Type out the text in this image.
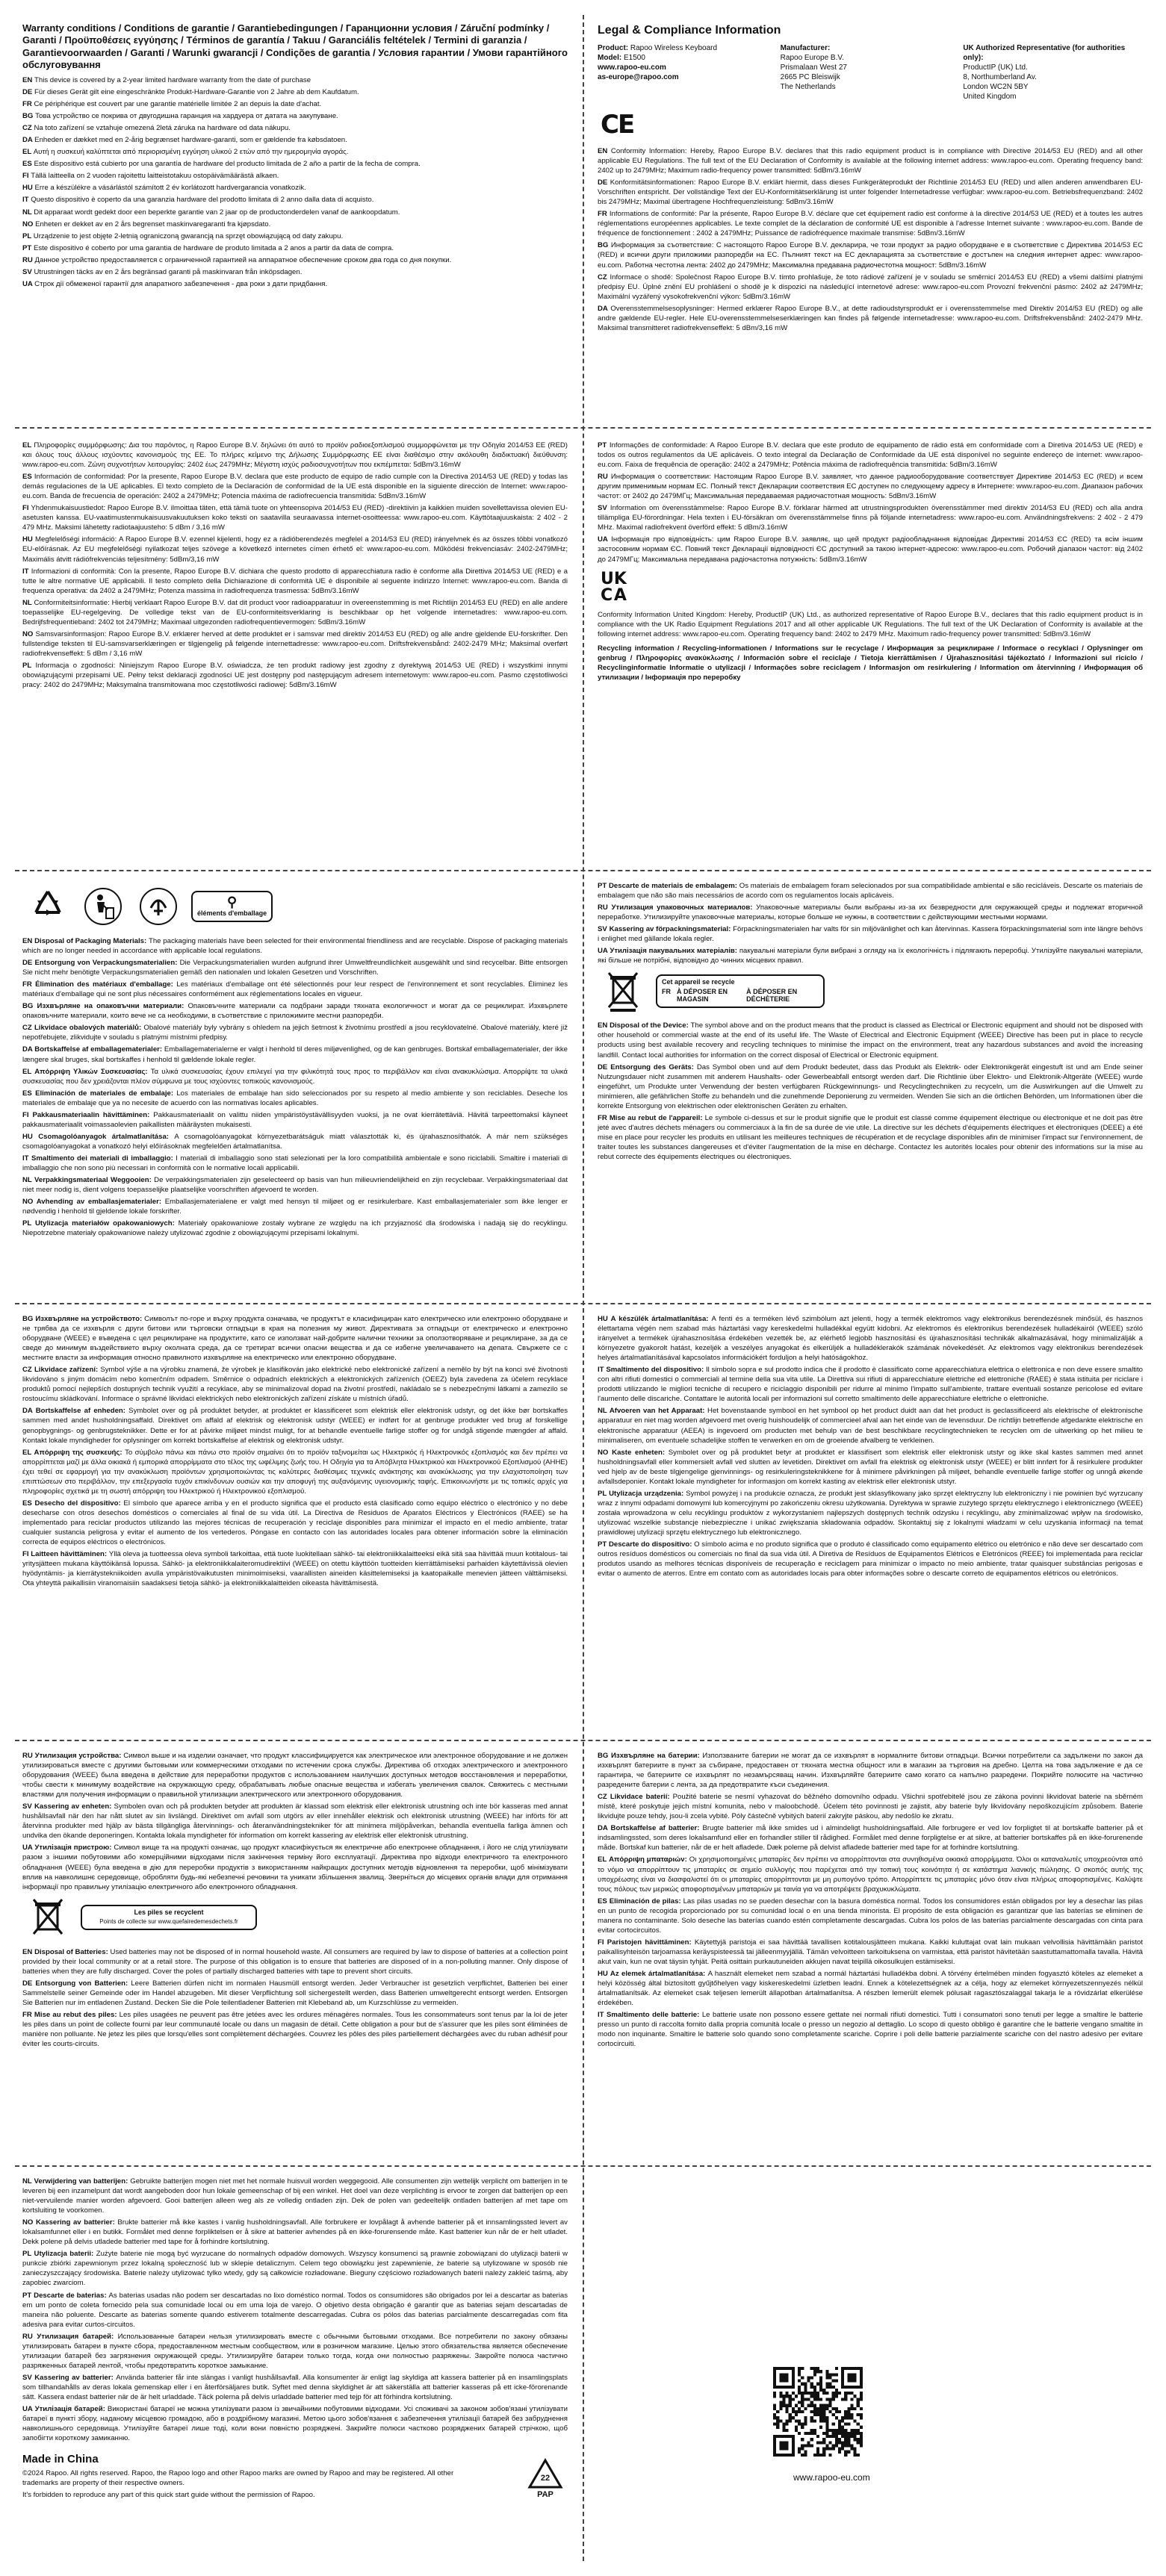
Warranty conditions / Conditions de garantie / Garantiebedingungen / Гаранционни условия / Záruční podmínky / Garanti / Προϋποθέσεις εγγύησης / Términos de garantía / Takuu / Garanciális feltételek / Termini di garanzia / Garantievoorwaarden / Garanti / Warunki gwarancji / Condições de garantia / Условия гарантии / Умови гарантійного обслуговування

EN This device is covered by a 2-year limited hardware warranty from the date of purchase

DE Für dieses Gerät gilt eine eingeschränkte Produkt-Hardware-Garantie von 2 Jahre ab dem Kaufdatum.

FR Ce périphérique est couvert par une garantie matérielle limitée 2 an depuis la date d'achat.

BG Това устройство се покрива от двугодишна гаранция на хардуера от датата на закупуване.

CZ Na toto zařízení se vztahuje omezená 2letá záruka na hardware od data nákupu.

DA Enheden er dækket med en 2-årig begrænset hardware-garanti, som er gældende fra købsdatoen.

EL Αυτή η συσκευή καλύπτεται από περιορισμένη εγγύηση υλικού 2 ετών από την ημερομηνία αγοράς.

ES Este dispositivo está cubierto por una garantía de hardware del producto limitada de 2 año a partir de la fecha de compra.

FI Tällä laitteella on 2 vuoden rajoitettu laitteistotakuu ostopäivämäärästä alkaen.

HU Erre a készülékre a vásárlástól számított 2 év korlátozott hardvergarancia vonatkozik.

IT Questo dispositivo è coperto da una garanzia hardware del prodotto limitata di 2 anno dalla data di acquisto.

NL Dit apparaat wordt gedekt door een beperkte garantie van 2 jaar op de productonderdelen vanaf de aankoopdatum.

NO Enheten er dekket av en 2 års begrenset maskinvaregaranti fra kjøpsdato.

PL Urządzenie to jest objęte 2-letnią ograniczoną gwarancją na sprzęt obowiązującą od daty zakupu.

PT Este dispositivo é coberto por uma garantia de hardware de produto limitada a 2 anos a partir da data de compra.

RU Данное устройство предоставляется с ограниченной гарантией на аппаратное обеспечение сроком два года со дня покупки.

SV Utrustningen täcks av en 2 års begränsad garanti på maskinvaran från inköpsdagen.

UA Строк дії обмеженої гарантії для апаратного забезпечення - два роки з дати придбання.

Legal & Compliance Information
Product: Rapoo Wireless Keyboard
Model: E1500
www.rapoo-eu.com
as-europe@rapoo.com
Manufacturer:
Rapoo Europe B.V.
Prismalaan West 27
2665 PC Bleiswijk
The Netherlands
UK Authorized Representative (for authorities only):
ProductIP (UK) Ltd.
8, Northumberland Av.
London WC2N 5BY
United Kingdom
CE

EN Conformity Information: Hereby, Rapoo Europe B.V. declares that this radio equipment product is in compliance with Directive 2014/53 EU (RED) and all other applicable EU Regulations. The full text of the EU Declaration of Conformity is available at the following internet address: www.rapoo-eu.com. Operating frequency band: 2402 up to 2479MHz; Maximum radio-frequency power transmitted: 5dBm/3.16mW

DE Konformitätsinformationen: Rapoo Europe B.V. erklärt hiermit, dass dieses Funkgeräteprodukt der Richtlinie 2014/53 EU (RED) und allen anderen anwendbaren EU-Vorschriften entspricht. Der vollständige Text der EU-Konformitätserklärung ist unter folgender Internetadresse verfügbar: www.rapoo-eu.com. Betriebsfrequenzband: 2402 bis 2479MHz; Maximal übertragene Hochfrequenzleistung: 5dBm/3.16mW

FR Informations de conformité: Par la présente, Rapoo Europe B.V. déclare que cet équipement radio est conforme à la directive 2014/53 UE (RED) et à toutes les autres réglementations européennes applicables. Le texte complet de la déclaration de conformité UE est disponible à l'adresse Internet suivante : www.rapoo-eu.com. Bande de fréquence de fonctionnement : 2402 à 2479MHz; Puissance de radiofréquence maximale transmise: 5dBm/3.16mW

BG Информация за съответствие: С настоящото Rapoo Europe B.V. декларира, че този продукт за радио оборудване е в съответствие с Директива 2014/53 ЕС (RED) и всички други приложими разпоредби на ЕС. Пълният текст на ЕС декларацията за съответствие е достъпен на следния интернет адрес: www.rapoo-eu.com. Работна честотна лента: 2402 до 2479MHz; Максимална предавана радиочестотна мощност: 5dBm/3.16mW

CZ Informace o shodě: Společnost Rapoo Europe B.V. tímto prohlašuje, že toto rádiové zařízení je v souladu se směrnicí 2014/53 EU (RED) a všemi dalšími platnými předpisy EU. Úplné znění EU prohlášení o shodě je k dispozici na následující internetové adrese: www.rapoo-eu.com Provozní frekvenční pásmo: 2402 až 2479MHz; Maximální vyzářený vysokofrekvenční výkon: 5dBm/3.16mW

DA Overensstemmelsesoplysninger: Hermed erklærer Rapoo Europe B.V., at dette radioudstyrsprodukt er i overensstemmelse med Direktiv 2014/53 EU (RED) og alle andre gældende EU-regler. Hele EU-overensstemmelseserklæringen kan findes på følgende internetadresse: www.rapoo-eu.com. Driftsfrekvensbånd: 2402-2479 MHz. Maksimal transmitteret radiofrekvenseffekt: 5 dBm/3,16 mW

EL Πληροφορίες συμμόρφωσης: Δια του παρόντος, η Rapoo Europe B.V. δηλώνει ότι αυτό το προϊόν ραδιοεξοπλισμού συμμορφώνεται με την Οδηγία 2014/53 ΕΕ (RED) και όλους τους άλλους ισχύοντες κανονισμούς της ΕΕ. Το πλήρες κείμενο της Δήλωσης Συμμόρφωσης ΕΕ είναι διαθέσιμο στην ακόλουθη διαδικτυακή διεύθυνση: www.rapoo-eu.com. Ζώνη συχνοτήτων λειτουργίας: 2402 έως 2479MHz; Μέγιστη ισχύς ραδιοσυχνοτήτων που εκπέμπεται: 5dBm/3.16mW

ES Información de conformidad: Por la presente, Rapoo Europe B.V. declara que este producto de equipo de radio cumple con la Directiva 2014/53 UE (RED) y todas las demás regulaciones de la UE aplicables. El texto completo de la Declaración de conformidad de la UE está disponible en la siguiente dirección de Internet: www.rapoo-eu.com. Banda de frecuencia de operación: 2402 a 2479MHz; Potencia máxima de radiofrecuencia transmitida: 5dBm/3.16mW

FI Yhdenmukaisuustiedot: Rapoo Europe B.V. ilmoittaa täten, että tämä tuote on yhteensopiva 2014/53 EU (RED) -direktiivin ja kaikkien muiden sovellettavissa olevien EU-asetusten kanssa. EU-vaatimustenmukaisuusvakuutuksen koko teksti on saatavilla seuraavassa internet-osoitteessa: www.rapoo-eu.com. Käyttötaajuuskaista: 2 402 - 2 479 MHz. Maksimi lähetetty radiotaajuusteho: 5 dBm / 3,16 mW

HU Megfelelőségi információ: A Rapoo Europe B.V. ezennel kijelenti, hogy ez a rádióberendezés megfelel a 2014/53 EU (RED) irányelvnek és az összes többi vonatkozó EU-előírásnak. Az EU megfelelőségi nyilatkozat teljes szövege a következő internetes címen érhető el: www.rapoo-eu.com. Működési frekvenciasáv: 2402-2479MHz; Maximális átvitt rádiófrekvenciás teljesítmény: 5dBm/3,16 mW

IT Informazioni di conformità: Con la presente, Rapoo Europe B.V. dichiara che questo prodotto di apparecchiatura radio è conforme alla Direttiva 2014/53 UE (RED) e a tutte le altre normative UE applicabili. Il testo completo della Dichiarazione di conformità UE è disponibile al seguente indirizzo Internet: www.rapoo-eu.com. Banda di frequenza operativa: da 2402 a 2479MHz; Potenza massima in radiofrequenza trasmessa: 5dBm/3.16mW

NL Conformiteitsinformatie: Hierbij verklaart Rapoo Europe B.V. dat dit product voor radioapparatuur in overeenstemming is met Richtlijn 2014/53 EU (RED) en alle andere toepasselijke EU-regelgeving. De volledige tekst van de EU-conformiteitsverklaring is beschikbaar op het volgende internetadres: www.rapoo-eu.com. Bedrijfsfrequentieband: 2402 tot 2479MHz; Maximaal uitgezonden radiofrequentievermogen: 5dBm/3.16mW

NO Samsvarsinformasjon: Rapoo Europe B.V. erklærer herved at dette produktet er i samsvar med direktiv 2014/53 EU (RED) og alle andre gjeldende EU-forskrifter. Den fullstendige teksten til EU-samsvarserklæringen er tilgjengelig på følgende internettadresse: www.rapoo-eu.com. Driftsfrekvensbånd: 2402-2479 MHz; Maksimal overført radiofrekvenseffekt: 5 dBm / 3,16 mW

PL Informacja o zgodności: Niniejszym Rapoo Europe B.V. oświadcza, że ten produkt radiowy jest zgodny z dyrektywą 2014/53 UE (RED) i wszystkimi innymi obowiązującymi przepisami UE. Pełny tekst deklaracji zgodności UE jest dostępny pod następującym adresem internetowym: www.rapoo-eu.com. Pasmo częstotliwości pracy: 2402 do 2479MHz; Maksymalna transmitowana moc częstotliwości radiowej: 5dBm/3.16mW

PT Informações de conformidade: A Rapoo Europe B.V. declara que este produto de equipamento de rádio está em conformidade com a Diretiva 2014/53 UE (RED) e todos os outros regulamentos da UE aplicáveis. O texto integral da Declaração de Conformidade da UE está disponível no seguinte endereço de internet: www.rapoo-eu.com. Faixa de frequência de operação: 2402 a 2479MHz; Potência máxima de radiofrequência transmitida: 5dBm/3.16mW

RU Информация о соответствии: Настоящим Rapoo Europe B.V. заявляет, что данное радиооборудование соответствует Директиве 2014/53 ЕС (RED) и всем другим применимым нормам ЕС. Полный текст Декларации соответствия ЕС доступен по следующему адресу в Интернете: www.rapoo-eu.com. Диапазон рабочих частот: от 2402 до 2479МГц; Максимальная передаваемая радиочастотная мощность: 5dBm/3.16mW

SV Information om överensstämmelse: Rapoo Europe B.V. förklarar härmed att utrustningsprodukten överensstämmer med direktiv 2014/53 EU (RED) och alla andra tillämpliga EU-förordningar. Hela texten i EU-försäkran om överensstämmelse finns på följande internetadress: www.rapoo-eu.com. Användningsfrekvens: 2 402 - 2 479 MHz. Maximal radiofrekvent överförd effekt: 5 dBm/3.16mW

UA Інформація про відповідність: цим Rapoo Europe B.V. заявляє, що цей продукт радіообладнання відповідає Директиві 2014/53 ЄС (RED) та всім іншим застосовним нормам ЄС. Повний текст Декларації відповідності ЄС доступний за такою інтернет-адресою: www.rapoo-eu.com. Робочий діапазон частот: від 2402 до 2479МГц; Максимальна передавана радіочастотна потужність: 5dBm/3.16mW

U K
C A

Conformity Information United Kingdom: Hereby, ProductIP (UK) Ltd., as authorized representative of Rapoo Europe B.V., declares that this radio equipment product is in compliance with the UK Radio Equipment Regulations 2017 and all other applicable UK Regulations. The full text of the UK Declaration of Conformity is available at the following internet address: www.rapoo-eu.com. Operating frequency band: 2402 to 2479 MHz. Maximum radio-frequency power transmitted: 5dBm/3.16mW

Recycling information / Recycling-informationen / Informations sur le recyclage / Информация за рециклиране / Informace o recyklaci / Oplysninger om genbrug / Πληροφορίες ανακύκλωσης / Información sobre el reciclaje / Tietoja kierrättämisen / Újrahasznosítási tájékoztató / Informazioni sul riciclo / Recyclinginformatie Informatie o utylizacji / Informações sobre reciclagem / Informasjon om resirkulering / Information om återvinning / Информация об утилизации / Інформація про переробку

⚲
éléments d'emballage

EN Disposal of Packaging Materials: The packaging materials have been selected for their environmental friendliness and are recyclable. Dispose of packaging materials which are no longer needed in accordance with applicable local regulations.

DE Entsorgung von Verpackungsmaterialien: Die Verpackungsmaterialien wurden aufgrund ihrer Umweltfreundlichkeit ausgewählt und sind recycelbar. Bitte entsorgen Sie nicht mehr benötigte Verpackungsmaterialien gemäß den nationalen und lokalen Gesetzen und Vorschriften.

FR Élimination des matériaux d'emballage: Les matériaux d'emballage ont été sélectionnés pour leur respect de l'environnement et sont recyclables. Éliminez les matériaux d'emballage qui ne sont plus nécessaires conformément aux réglementations locales en vigueur.

BG Изхвърляне на опаковъчни материали: Опаковъчните материали са подбрани заради тяхната екологичност и могат да се рециклират. Изхвърлете опаковъчните материали, които вече не са необходими, в съответствие с приложимите местни разпоредби.

CZ Likvidace obalových materiálů: Obalové materiály byly vybrány s ohledem na jejich šetrnost k životnímu prostředí a jsou recyklovatelné. Obalové materiály, které již nepotřebujete, zlikvidujte v souladu s platnými místními předpisy.

DA Bortskaffelse af emballagematerialer: Emballagematerialerne er valgt i henhold til deres miljøvenlighed, og de kan genbruges. Bortskaf emballagematerialer, der ikke længere skal bruges, skal bortskaffes i henhold til gældende lokale regler.

EL Απόρριψη Υλικών Συσκευασίας: Τα υλικά συσκευασίας έχουν επιλεγεί για την φιλικότητά τους προς το περιβάλλον και είναι ανακυκλώσιμα. Απορρίψτε τα υλικά συσκευασίας που δεν χρειάζονται πλέον σύμφωνα με τους ισχύοντες τοπικούς κανονισμούς.

ES Eliminación de materiales de embalaje: Los materiales de embalaje han sido seleccionados por su respeto al medio ambiente y son reciclables. Deseche los materiales de embalaje que ya no necesite de acuerdo con las normativas locales aplicables.

FI Pakkausmateriaalin hävittäminen: Pakkausmateriaalit on valittu niiden ympäristöystävällisyyden vuoksi, ja ne ovat kierrätettäviä. Hävitä tarpeettomaksi käyneet pakkausmateriaalit voimassaolevien paikallisten määräysten mukaisesti.

HU Csomagolóanyagok ártalmatlanítása: A csomagolóanyagokat környezetbarátságuk miatt választották ki, és újrahasznosíthatók. A már nem szükséges csomagolóanyagokat a vonatkozó helyi előírásoknak megfelelően ártalmatlanítsa.

IT Smaltimento dei materiali di imballaggio: I materiali di imballaggio sono stati selezionati per la loro compatibilità ambientale e sono riciclabili. Smaltire i materiali di imballaggio che non sono più necessari in conformità con le normative locali applicabili.

NL Verpakkingsmateriaal Weggooien: De verpakkingsmaterialen zijn geselecteerd op basis van hun milieuvriendelijkheid en zijn recyclebaar. Verpakkingsmateriaal dat niet meer nodig is, dient volgens toepasselijke plaatselijke voorschriften afgevoerd te worden.

NO Avhending av emballasjematerialer: Emballasjematerialene er valgt med hensyn til miljøet og er resirkulerbare. Kast emballasjematerialer som ikke lenger er nødvendig i henhold til gjeldende lokale forskrifter.

PL Utylizacja materiałów opakowaniowych: Materiały opakowaniowe zostały wybrane ze względu na ich przyjazność dla środowiska i nadają się do recyklingu. Niepotrzebne materiały opakowaniowe należy utylizować zgodnie z obowiązującymi przepisami lokalnymi.

PT Descarte de materiais de embalagem: Os materiais de embalagem foram selecionados por sua compatibilidade ambiental e são recicláveis. Descarte os materiais de embalagem que não são mais necessários de acordo com os regulamentos locais aplicáveis.

RU Утилизация упаковочных материалов: Упаковочные материалы были выбраны из-за их безвредности для окружающей среды и подлежат вторичной переработке. Утилизируйте упаковочные материалы, которые больше не нужны, в соответствии с действующими местными нормами.

SV Kassering av förpackningsmaterial: Förpackningsmaterialen har valts för sin miljövänlighet och kan återvinnas. Kassera förpackningsmaterial som inte längre behövs i enlighet med gällande lokala regler.

UA Утилізація пакувальних матеріалів: пакувальні матеріали були вибрані з огляду на їх екологічність і підлягають переробці. Утилізуйте пакувальні матеріали, які більше не потрібні, відповідно до чинних місцевих правил.

Cet appareil se recycle
FR À DÉPOSER EN MAGASIN
À DÉPOSER EN DÉCHÈTERIE

EN Disposal of the Device: The symbol above and on the product means that the product is classed as Electrical or Electronic equipment and should not be disposed with other household or commercial waste at the end of its useful life. The Waste of Electrical and Electronic Equipment (WEEE) Directive has been put in place to recycle products using best available recovery and recycling techniques to minimise the impact on the environment, treat any hazardous substances and avoid the increasing landfill. Contact local authorities for information on the correct disposal of Electrical or Electronic equipment.

DE Entsorgung des Geräts: Das Symbol oben und auf dem Produkt bedeutet, dass das Produkt als Elektrik- oder Elektronikgerät eingestuft ist und am Ende seiner Nutzungsdauer nicht zusammen mit anderem Haushalts- oder Gewerbeabfall entsorgt werden darf. Die Richtlinie über Elektro- und Elektronik-Altgeräte (WEEE) wurde eingeführt, um Produkte unter Verwendung der besten verfügbaren Rückgewinnungs- und Recyclingtechniken zu recyceln, um die Auswirkungen auf die Umwelt zu minimieren, alle gefährlichen Stoffe zu behandeln und die zunehmende Deponierung zu vermeiden. Wenden Sie sich an die örtlichen Behörden, um Informationen über die korrekte Entsorgung von elektrischen oder elektronischen Geräten zu erhalten.

FR Mise au rebut de l'appareil: Le symbole ci-dessus et sur le produit signifie que le produit est classé comme équipement électrique ou électronique et ne doit pas être jeté avec d'autres déchets ménagers ou commerciaux à la fin de sa durée de vie utile. La directive sur les déchets d'équipements électriques et électroniques (DEEE) a été mise en place pour recycler les produits en utilisant les meilleures techniques de récupération et de recyclage disponibles afin de minimiser l'impact sur l'environnement, de traiter toutes les substances dangereuses et d'éviter l'augmentation de la mise en décharge. Contactez les autorités locales pour obtenir des informations sur la mise au rebut correcte des équipements électriques ou électroniques.

BG Изхвърляне на устройството: Символът по-горе и върху продукта означава, че продуктът е класифициран като електрическо или електронно оборудване и не трябва да се изхвърля с други битови или търговски отпадъци в края на полезния му живот. Директивата за отпадъци от електрическо и електронно оборудване (WEEE) е въведена с цел рециклиране на продуктите, като се използват най-добрите налични техники за оползотворяване и рециклиране, за да се сведе до минимум въздействието върху околната среда, да се третират всички опасни вещества и да се избегне увеличаването на депата. Свържете се с местните власти за информация относно правилното изхвърляне на електрическо или електронно оборудване.

CZ Likvidace zařízení: Symbol výše a na výrobku znamená, že výrobek je klasifikován jako elektrické nebo elektronické zařízení a nemělo by být na konci své životnosti likvidováno s jiným domácím nebo komerčním odpadem. Směrnice o odpadních elektrických a elektronických zařízeních (OEEZ) byla zavedena za účelem recyklace produktů pomocí nejlepších dostupných technik využití a recyklace, aby se minimalizoval dopad na životní prostředí, nakládalo se s nebezpečnými látkami a zamezilo se rostoucímu skládkování. Informace o správné likvidaci elektrických nebo elektronických zařízení získáte u místních úřadů.

DA Bortskaffelse af enheden: Symbolet over og på produktet betyder, at produktet er klassificeret som elektrisk eller elektronisk udstyr, og det ikke bør bortskaffes sammen med andet husholdningsaffald. Direktivet om affald af elektrisk og elektronisk udstyr (WEEE) er indført for at genbruge produkter ved brug af forskellige genopbygnings- og genbrugsteknikker. Dette er for at påvirke miljøet mindst muligt, for at behandle eventuelle farlige stoffer og for undgå stigende mængder af affald. Kontakt lokale myndigheder for oplysninger om korrekt bortskaffelse af elektrisk og elektronisk udstyr.

EL Απόρριψη της συσκευής: Το σύμβολο πάνω και πάνω στο προϊόν σημαίνει ότι το προϊόν ταξινομείται ως Ηλεκτρικός ή Ηλεκτρονικός εξοπλισμός και δεν πρέπει να απορρίπτεται μαζί με άλλα οικιακά ή εμπορικά απορρίμματα στο τέλος της ωφέλιμης ζωής του. Η Οδηγία για τα Απόβλητα Ηλεκτρικού και Ηλεκτρονικού Εξοπλισμού (ΑΗΗΕ) έχει τεθεί σε εφαρμογή για την ανακύκλωση προϊόντων χρησιμοποιώντας τις καλύτερες διαθέσιμες τεχνικές ανάκτησης και ανακύκλωσης για την ελαχιστοποίηση των επιπτώσεων στο περιβάλλον, την επεξεργασία τυχόν επικίνδυνων ουσιών και την αποφυγή της αυξανόμενης υγειονομικής ταφής. Επικοινωνήστε με τις τοπικές αρχές για πληροφορίες σχετικά με τη σωστή απόρριψη του Ηλεκτρικού ή Ηλεκτρονικού εξοπλισμού.

ES Desecho del dispositivo: El símbolo que aparece arriba y en el producto significa que el producto está clasificado como equipo eléctrico o electrónico y no debe desecharse con otros desechos domésticos o comerciales al final de su vida útil. La Directiva de Residuos de Aparatos Eléctricos y Electrónicos (RAEE) se ha implementado para reciclar productos utilizando las mejores técnicas de recuperación y reciclaje disponibles para minimizar el impacto en el medio ambiente, tratar cualquier sustancia peligrosa y evitar el aumento de los vertederos. Póngase en contacto con las autoridades locales para obtener información sobre la eliminación correcta de equipos eléctricos o electrónicos.

FI Laitteen hävittäminen: Yllä oleva ja tuotteessa oleva symboli tarkoittaa, että tuote luokitellaan sähkö- tai elektroniikkalaitteeksi eikä sitä saa hävittää muun kotitalous- tai yritysjätteen mukana käyttöikänsä lopussa. Sähkö- ja elektroniikkalaiteromudirektiivi (WEEE) on otettu käyttöön tuotteiden kierrättämiseksi parhaiden käytettävissä olevien hyödyntämis- ja kierrätystekniikoiden avulla ympäristövaikutusten minimoimiseksi, vaarallisten aineiden käsittelemiseksi ja kaatopaikalle menevien jätteen välttämiseksi. Ota yhteyttä paikallisiin viranomaisiin saadaksesi tietoja sähkö- ja elektroniikkalaitteiden oikeasta hävittämisestä.

HU A készülék ártalmatlanítása: A fenti és a terméken lévő szimbólum azt jelenti, hogy a termék elektromos vagy elektronikus berendezésnek minősül, és hasznos élettartama végén nem szabad más háztartási vagy kereskedelmi hulladékkal együtt kidobni. Az elektromos és elektronikus berendezések hulladékairól (WEEE) szóló irányelvet a termékek újrahasznosítása érdekében vezették be, az elérhető legjobb hasznosítási és újrahasznosítási technikák alkalmazásával, hogy minimalizálják a környezetre gyakorolt hatást, kezeljék a veszélyes anyagokat és elkerüljék a hulladéklerakók számának növekedését. Az elektromos vagy elektronikus berendezések helyes ártalmatlanításával kapcsolatos információkért forduljon a helyi hatóságokhoz.

IT Smaltimento del dispositivo: Il simbolo sopra e sul prodotto indica che il prodotto è classificato come apparecchiatura elettrica o elettronica e non deve essere smaltito con altri rifiuti domestici o commerciali al termine della sua vita utile. La Direttiva sui rifiuti di apparecchiature elettriche ed elettroniche (RAEE) è stata istituita per riciclare i prodotti utilizzando le migliori tecniche di recupero e riciclaggio disponibili per ridurre al minimo l'impatto sull'ambiente, trattare eventuali sostanze pericolose ed evitare l'aumento delle discariche. Contattare le autorità locali per informazioni sul corretto smaltimento delle apparecchiature elettriche o elettroniche.

NL Afvoeren van het Apparaat: Het bovenstaande symbool en het symbool op het product duidt aan dat het product is geclassificeerd als elektrische of elektronische apparatuur en niet mag worden afgevoerd met overig huishoudelijk of commercieel afval aan het einde van de levensduur. De richtlijn betreffende afgedankte elektrische en elektronische apparatuur (AEEA) is ingevoerd om producten met behulp van de best beschikbare recyclingtechnieken te recyclen om de uitwerking op het milieu te minimaliseren, om eventuele schadelijke stoffen te verwerken en om de groeiende afvalberg te verkleinen.

NO Kaste enheten: Symbolet over og på produktet betyr at produktet er klassifisert som elektrisk eller elektronisk utstyr og ikke skal kastes sammen med annet husholdningsavfall eller kommersielt avfall ved slutten av levetiden. Direktivet om avfall fra elektrisk og elektronisk utstyr (WEEE) er blitt innført for å resirkulere produkter ved hjelp av de beste tilgjengelige gjenvinnings- og resirkuleringsteknikkene for å minimere påvirkningen på miljøet, behandle eventuelle farlige stoffer og unngå økende avfallsdeponier. Kontakt lokale myndigheter for informasjon om korrekt kasting av elektrisk eller elektronisk utstyr.

PL Utylizacja urządzenia: Symbol powyżej i na produkcie oznacza, że produkt jest sklasyfikowany jako sprzęt elektryczny lub elektroniczny i nie powinien być wyrzucany wraz z innymi odpadami domowymi lub komercyjnymi po zakończeniu okresu użytkowania. Dyrektywa w sprawie zużytego sprzętu elektrycznego i elektronicznego (WEEE) została wprowadzona w celu recyklingu produktów z wykorzystaniem najlepszych dostępnych technik odzysku i recyklingu, aby zminimalizować wpływ na środowisko, utylizować wszelkie substancje niebezpieczne i unikać zwiększania składowania odpadów. Skontaktuj się z lokalnymi władzami w celu uzyskania informacji na temat prawidłowej utylizacji sprzętu elektrycznego lub elektronicznego.

PT Descarte do dispositivo: O símbolo acima e no produto significa que o produto é classificado como equipamento elétrico ou eletrónico e não deve ser descartado com outros resíduos domésticos ou comerciais no final da sua vida útil. A Diretiva de Resíduos de Equipamentos Elétricos e Eletrónicos (REEE) foi implementada para reciclar produtos usando as melhores técnicas disponíveis de recuperação e reciclagem para minimizar o impacto no meio ambiente, tratar quaisquer substâncias perigosas e evitar o aumento de aterros. Entre em contato com as autoridades locais para obter informações sobre o descarte correto de equipamentos elétricos ou eletrónicos.

RU Утилизация устройства: Символ выше и на изделии означает, что продукт классифицируется как электрическое или электронное оборудование и не должен утилизироваться вместе с другими бытовыми или коммерческими отходами по истечении срока службы. Директива об отходах электрического и электронного оборудования (WEEE) была введена в действие для переработки продуктов с использованием наилучших доступных методов восстановления и переработки, чтобы свести к минимуму воздействие на окружающую среду, обрабатывать любые опасные вещества и избегать увеличения свалок. Свяжитесь с местными властями для получения информации о правильной утилизации электрического или электронного оборудования.

SV Kassering av enheten: Symbolen ovan och på produkten betyder att produkten är klassad som elektrisk eller elektronisk utrustning och inte bör kasseras med annat hushållsavfall när den har nått slutet av sin livslängd. Direktivet om avfall som utgörs av eller innehåller elektrisk och elektronisk utrustning (WEEE) har införts för att återvinna produkter med hjälp av bästa tillgängliga återvinnings- och återanvändningstekniker för att minimera miljöpåverkan, behandla eventuella farliga ämnen och undvika den ökande deponeringen. Kontakta lokala myndigheter för information om korrekt kassering av elektrisk eller elektronisk utrustning.

UA Утилізація пристрою: Символ вище та на продукті означає, що продукт класифікується як електричне або електронне обладнання, і його не слід утилізувати разом з іншими побутовими або комерційними відходами після закінчення терміну його експлуатації. Директива про відходи електричного та електронного обладнання (WEEE) була введена в дію для переробки продуктів з використанням найкращих доступних методів відновлення та переробки, щоб мінімізувати вплив на навколишнє середовище, обробляти будь-які небезпечні речовини та уникати збільшення звалищ. Зверніться до місцевих органів влади для отримання інформації про правильну утилізацію електричного або електронного обладнання.

Les piles se recyclent
Points de collecte sur www.quefairedemesdechets.fr

EN Disposal of Batteries: Used batteries may not be disposed of in normal household waste. All consumers are required by law to dispose of batteries at a collection point provided by their local community or at a retail store. The purpose of this obligation is to ensure that batteries are disposed of in a non-polluting manner. Only dispose of batteries when they are fully discharged. Cover the poles of partially discharged batteries with tape to prevent short circuits.

DE Entsorgung von Batterien: Leere Batterien dürfen nicht im normalen Hausmüll entsorgt werden. Jeder Verbraucher ist gesetzlich verpflichtet, Batterien bei einer Sammelstelle seiner Gemeinde oder im Handel abzugeben. Mit dieser Verpflichtung soll sichergestellt werden, dass Batterien umweltgerecht entsorgt werden. Entsorgen Sie Batterien nur im entladenen Zustand. Decken Sie die Pole teilentladener Batterien mit Klebeband ab, um Kurzschlüsse zu vermeiden.

FR Mise au rebut des piles: Les piles usagées ne peuvent pas être jetées avec les ordures ménagères normales. Tous les consommateurs sont tenus par la loi de jeter les piles dans un point de collecte fourni par leur communauté locale ou dans un magasin de détail. Cette obligation a pour but de s'assurer que les piles sont éliminées de manière non polluante. Ne jetez les piles que lorsqu'elles sont complètement déchargées. Couvrez les pôles des piles partiellement déchargées avec du ruban adhésif pour éviter les courts-circuits.

BG Изхвърляне на батерии: Използваните батерии не могат да се изхвърлят в нормалните битови отпадъци. Всички потребители са задължени по закон да изхвърлят батериите в пункт за събиране, предоставен от тяхната местна общност или в магазин за търговия на дребно. Целта на това задължение е да се гарантира, че батериите се изхвърлят по незамърсяващ начин. Изхвърляйте батериите само когато са напълно разредени. Покрийте полюсите на частично разредените батерии с лента, за да предотвратите къси съединения.

CZ Likvidace baterií: Použité baterie se nesmí vyhazovat do běžného domovního odpadu. Všichni spotřebitelé jsou ze zákona povinni likvidovat baterie na sběrném místě, které poskytuje jejich místní komunita, nebo v maloobchodě. Účelem této povinnosti je zajistit, aby baterie byly likvidovány nepoškozujícím způsobem. Baterie likvidujte pouze tehdy, jsou-li zcela vybité. Póly částečně vybitých baterií zakryjte páskou, aby nedošlo ke zkratu.

DA Bortskaffelse af batterier: Brugte batterier må ikke smides ud i almindeligt husholdningsaffald. Alle forbrugere er ved lov forpligtet til at bortskaffe batterier på et indsamlingssted, som deres lokalsamfund eller en forhandler stiller til rådighed. Formålet med denne forpligtelse er at sikre, at batterier bortskaffes på en ikke-forurenende måde. Bortskaf kun batterier, når de er helt afladede. Dæk polerne på delvist afladede batterier med tape for at forhindre kortslutning.

EL Απόρριψη μπαταριών: Οι χρησιμοποιημένες μπαταρίες δεν πρέπει να απορρίπτονται στα συνηθισμένα οικιακά απορρίμματα. Όλοι οι καταναλωτές υποχρεούνται από το νόμο να απορρίπτουν τις μπαταρίες σε σημείο συλλογής που παρέχεται από την τοπική τους κοινότητα ή σε κατάστημα λιανικής πώλησης. Ο σκοπός αυτής της υποχρέωσης είναι να διασφαλιστεί ότι οι μπαταρίες απορρίπτονται με μη ρυπογόνο τρόπο. Απορρίπτετε τις μπαταρίες μόνο όταν είναι πλήρως αποφορτισμένες. Καλύψτε τους πόλους των μερικώς αποφορτισμένων μπαταριών με ταινία για να αποτρέψετε βραχυκυκλώματα.

ES Eliminación de pilas: Las pilas usadas no se pueden desechar con la basura doméstica normal. Todos los consumidores están obligados por ley a desechar las pilas en un punto de recogida proporcionado por su comunidad local o en una tienda minorista. El propósito de esta obligación es garantizar que las baterías se eliminen de manera no contaminante. Solo deseche las baterías cuando estén completamente descargadas. Cubra los polos de las baterías parcialmente descargadas con cinta para evitar cortocircuitos.

FI Paristojen hävittäminen: Käytettyjä paristoja ei saa hävittää tavallisen kotitalousjätteen mukana. Kaikki kuluttajat ovat lain mukaan velvollisia hävittämään paristot paikallisyhteisön tarjoamassa keräyspisteessä tai jälleenmyyjällä. Tämän velvoitteen tarkoituksena on varmistaa, että paristot hävitetään saastuttamattomalla tavalla. Hävitä akut vain, kun ne ovat täysin tyhjät. Peitä osittain purkautuneiden akkujen navat teipillä oikosulkujen estämiseksi.

HU Az elemek ártalmatlanítása: A használt elemeket nem szabad a normál háztartási hulladékba dobni. A törvény értelmében minden fogyasztó köteles az elemeket a helyi közösség által biztosított gyűjtőhelyen vagy kiskereskedelmi üzletben leadni. Ennek a kötelezettségnek az a célja, hogy az elemeket környezetszennyezés nélkül ártalmatlanítsák. Az elemeket csak teljesen lemerült állapotban ártalmatlanítsa. A részben lemerült elemek pólusait ragasztószalaggal takarja le a rövidzárlat elkerülése érdekében.

IT Smaltimento delle batterie: Le batterie usate non possono essere gettate nei normali rifiuti domestici. Tutti i consumatori sono tenuti per legge a smaltire le batterie presso un punto di raccolta fornito dalla propria comunità locale o presso un negozio al dettaglio. Lo scopo di questo obbligo è garantire che le batterie vengano smaltite in modo non inquinante. Smaltire le batterie solo quando sono completamente scariche. Coprire i poli delle batterie parzialmente scariche con del nastro adesivo per evitare cortocircuiti.

NL Verwijdering van batterijen: Gebruikte batterijen mogen niet met het normale huisvuil worden weggegooid. Alle consumenten zijn wettelijk verplicht om batterijen in te leveren bij een inzamelpunt dat wordt aangeboden door hun lokale gemeenschap of bij een winkel. Het doel van deze verplichting is ervoor te zorgen dat batterijen op een niet-vervuilende manier worden afgevoerd. Gooi batterijen alleen weg als ze volledig ontladen zijn. Dek de polen van gedeeltelijk ontladen batterijen af met tape om kortsluiting te voorkomen.

NO Kassering av batterier: Brukte batterier må ikke kastes i vanlig husholdningsavfall. Alle forbrukere er lovpålagt å avhende batterier på et innsamlingssted levert av lokalsamfunnet eller i en butikk. Formålet med denne forpliktelsen er å sikre at batterier avhendes på en ikke-forurensende måte. Kast batterier kun når de er helt utladet. Dekk polene på delvis utladede batterier med tape for å forhindre kortslutning.

PL Utylizacja baterii: Zużyte baterie nie mogą być wyrzucane do normalnych odpadów domowych. Wszyscy konsumenci są prawnie zobowiązani do utylizacji baterii w punkcie zbiórki zapewnionym przez lokalną społeczność lub w sklepie detalicznym. Celem tego obowiązku jest zapewnienie, że baterie są utylizowane w sposób nie zanieczyszczający środowiska. Baterie należy utylizować tylko wtedy, gdy są całkowicie rozładowane. Bieguny częściowo rozładowanych baterii należy zakleić taśmą, aby zapobiec zwarciom.

PT Descarte de baterias: As baterias usadas não podem ser descartadas no lixo doméstico normal. Todos os consumidores são obrigados por lei a descartar as baterias em um ponto de coleta fornecido pela sua comunidade local ou em uma loja de varejo. O objetivo desta obrigação é garantir que as baterias sejam descartadas de maneira não poluente. Descarte as baterias somente quando estiverem totalmente descarregadas. Cubra os pólos das baterias parcialmente descarregadas com fita adesiva para evitar curtos-circuitos.

RU Утилизация батарей: Использованные батареи нельзя утилизировать вместе с обычными бытовыми отходами. Все потребители по закону обязаны утилизировать батареи в пункте сбора, предоставленном местным сообществом, или в розничном магазине. Целью этого обязательства является обеспечение утилизации батарей без загрязнения окружающей среды. Утилизируйте батареи только тогда, когда они полностью разряжены. Закройте полюса частично разряженных батарей лентой, чтобы предотвратить короткое замыкание.

SV Kassering av batterier: Använda batterier får inte slängas i vanligt hushållsavfall. Alla konsumenter är enligt lag skyldiga att kassera batterier på en insamlingsplats som tillhandahålls av deras lokala gemenskap eller i en återförsäljares butik. Syftet med denna skyldighet är att säkerställa att batterier kasseras på ett icke-förorenande sätt. Kassera endast batterier när de är helt urladdade. Täck polerna på delvis urladdade batterier med tejp för att förhindra kortslutning.

UA Утилізація батарей: Використані батареї не можна утилізувати разом із звичайними побутовими відходами. Усі споживачі за законом зобов'язані утилізувати батареї в пункті збору, наданому місцевою громадою, або в роздрібному магазині. Метою цього зобов'язання є забезпечення утилізації батарей без забруднення навколишнього середовища. Утилізуйте батареї лише тоді, коли вони повністю розряджені. Закрийте полюси частково розряджених батарей стрічкою, щоб запобігти короткому замиканню.

Made in China
©2024 Rapoo. All rights reserved. Rapoo, the Rapoo logo and other Rapoo marks are owned by Rapoo and may be registered. All other trademarks are property of their respective owners.
It's forbidden to reproduce any part of this quick start guide without the permission of Rapoo.
22
PAP
www.rapoo-eu.com
